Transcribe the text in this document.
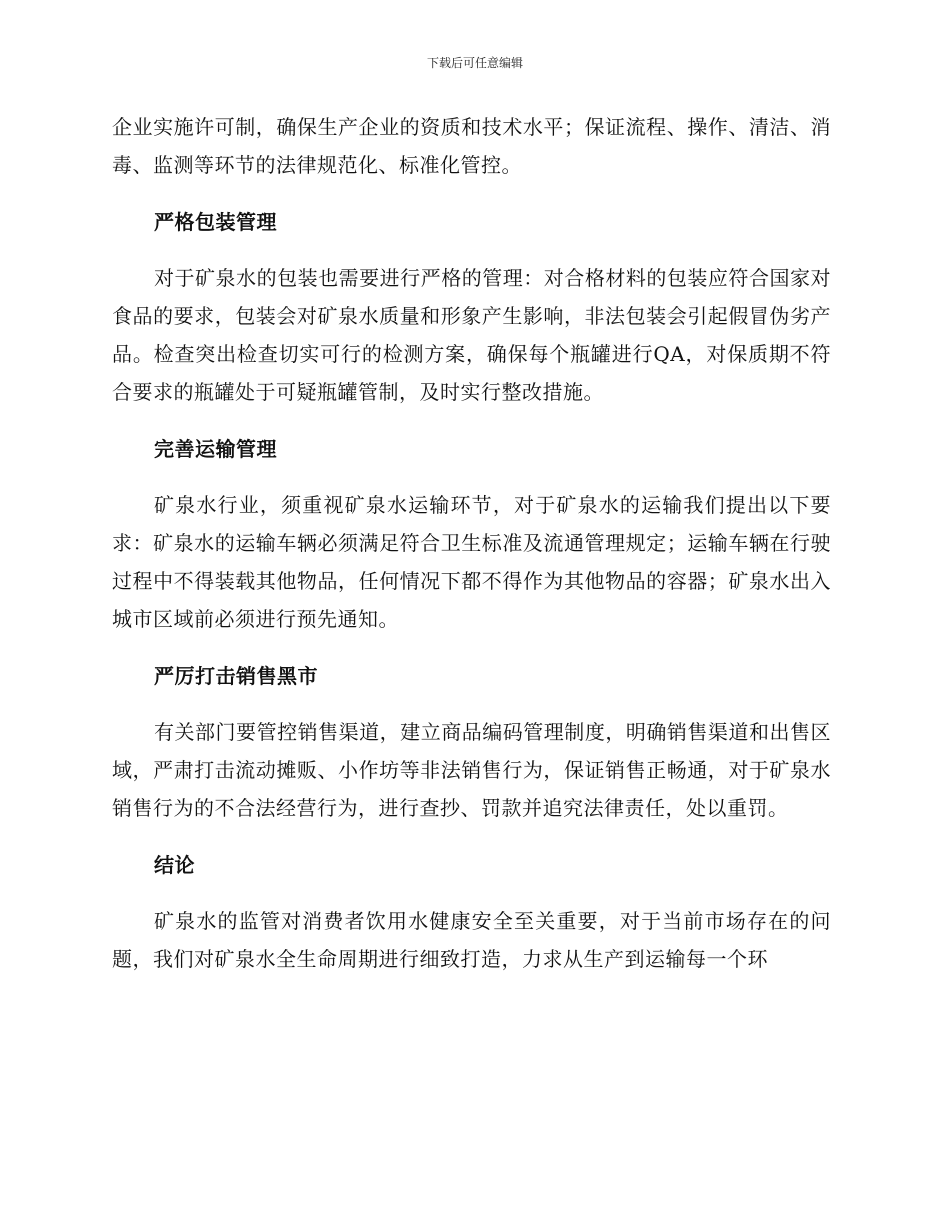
下载后可任意编辑

企业实施许可制，确保生产企业的资质和技术水平；保证流程、操作、清洁、消毒、监测等环节的法律规范化、标准化管控。

严格包装管理

对于矿泉水的包装也需要进行严格的管理：对合格材料的包装应符合国家对食品的要求，包装会对矿泉水质量和形象产生影响，非法包装会引起假冒伪劣产品。检查突出检查切实可行的检测方案，确保每个瓶罐进行QA，对保质期不符合要求的瓶罐处于可疑瓶罐管制，及时实行整改措施。

完善运输管理

矿泉水行业，须重视矿泉水运输环节，对于矿泉水的运输我们提出以下要求：矿泉水的运输车辆必须满足符合卫生标准及流通管理规定；运输车辆在行驶过程中不得装载其他物品，任何情况下都不得作为其他物品的容器；矿泉水出入城市区域前必须进行预先通知。

严厉打击销售黑市

有关部门要管控销售渠道，建立商品编码管理制度，明确销售渠道和出售区域，严肃打击流动摊贩、小作坊等非法销售行为，保证销售正畅通，对于矿泉水销售行为的不合法经营行为，进行查抄、罚款并追究法律责任，处以重罚。

结论

矿泉水的监管对消费者饮用水健康安全至关重要，对于当前市场存在的问题，我们对矿泉水全生命周期进行细致打造，力求从生产到运输每一个环
